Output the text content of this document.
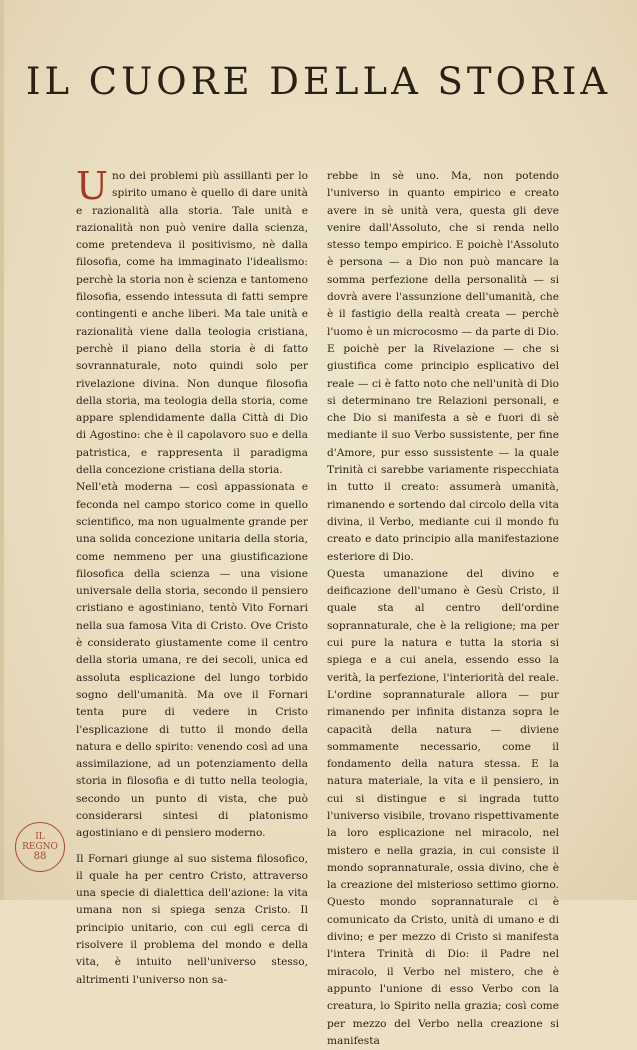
IL CUORE DELLA STORIA

Uno dei problemi più assillanti per lo spirito umano è quello di dare unità e razionalità alla storia. Tale unità e razionalità non può venire dalla scienza, come pretendeva il positivismo, nè dalla filosofia, come ha immaginato l'idealismo: perchè la storia non è scienza e tantomeno filosofia, essendo intessuta di fatti sempre contingenti e anche liberi. Ma tale unità e razionalità viene dalla teologia cristiana, perchè il piano della storia è di fatto sovrannaturale, noto quindi solo per rivelazione divina. Non dunque filosofia della storia, ma teologia della storia, come appare splendidamente dalla Città di Dio di Agostino: che è il capolavoro suo e della patristica, e rappresenta il paradigma della concezione cristiana della storia.

Nell'età moderna — così appassionata e feconda nel campo storico come in quello scientifico, ma non ugualmente grande per una solida concezione unitaria della storia, come nemmeno per una giustificazione filosofica della scienza — una visione universale della storia, secondo il pensiero cristiano e agostiniano, tentò Vito Fornari nella sua famosa Vita di Cristo. Ove Cristo è considerato giustamente come il centro della storia umana, re dei secoli, unica ed assoluta esplicazione del lungo torbido sogno dell'umanità. Ma ove il Fornari tenta pure di vedere in Cristo l'esplicazione di tutto il mondo della natura e dello spirito: venendo così ad una assimilazione, ad un potenziamento della storia in filosofia e di tutto nella teologia, secondo un punto di vista, che può considerarsi sintesi di platonismo agostiniano e di pensiero moderno.

Il Fornari giunge al suo sistema filosofico, il quale ha per centro Cristo, attraverso una specie di dialettica dell'azione: la vita umana non si spiega senza Cristo. Il principio unitario, con cui egli cerca di risolvere il problema del mondo e della vita, è intuito nell'universo stesso, altrimenti l'universo non sa-

rebbe in sè uno. Ma, non potendo l'universo in quanto empirico e creato avere in sè unità vera, questa gli deve venire dall'Assoluto, che si renda nello stesso tempo empirico. E poichè l'Assoluto è persona — a Dio non può mancare la somma perfezione della personalità — si dovrà avere l'assunzione dell'umanità, che è il fastigio della realtà creata — perchè l'uomo è un microcosmo — da parte di Dio. E poichè per la Rivelazione — che si giustifica come principio esplicativo del reale — ci è fatto noto che nell'unità di Dio si determinano tre Relazioni personali, e che Dio si manifesta a sè e fuori di sè mediante il suo Verbo sussistente, per fine d'Amore, pur esso sussistente — la quale Trinità ci sarebbe variamente rispecchiata in tutto il creato: assumerà umanità, rimanendo e sortendo dal circolo della vita divina, il Verbo, mediante cui il mondo fu creato e dato principio alla manifestazione esteriore di Dio.

Questa umanazione del divino e deificazione dell'umano è Gesù Cristo, il quale sta al centro dell'ordine soprannaturale, che è la religione; ma per cui pure la natura e tutta la storia si spiega e a cui anela, essendo esso la verità, la perfezione, l'interiorità del reale. L'ordine soprannaturale allora — pur rimanendo per infinita distanza sopra le capacità della natura — diviene sommamente necessario, come il fondamento della natura stessa. E la natura materiale, la vita e il pensiero, in cui si distingue e si ingrada tutto l'universo visibile, trovano rispettivamente la loro esplicazione nel miracolo, nel mistero e nella grazia, in cui consiste il mondo soprannaturale, ossia divino, che è la creazione del misterioso settimo giorno. Questo mondo soprannaturale ci è comunicato da Cristo, unità di umano e di divino; e per mezzo di Cristo si manifesta l'intera Trinità di Dio: il Padre nel miracolo, il Verbo nel mistero, che è appunto l'unione di esso Verbo con la creatura, lo Spirito nella grazia; così come per mezzo del Verbo nella creazione si manifesta

IL
REGNO
88
